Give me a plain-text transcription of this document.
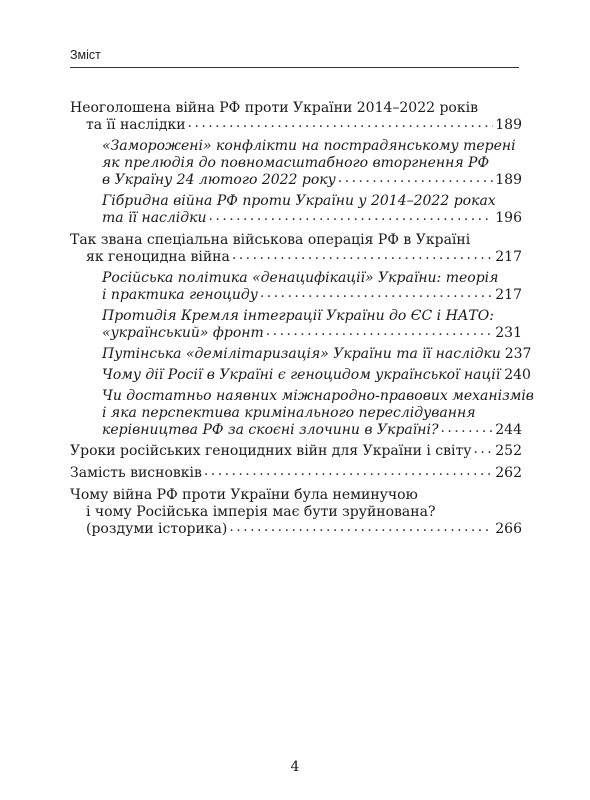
Зміст
Неоголошена війна РФ проти України 2014–2022 років
та її наслідки . . .	189
«Заморожені» конфлікти на пострадянському терені
як прелюдія до повномасштабного вторгнення РФ
в Україну 24 лютого 2022 року . . .	189
Гібридна війна РФ проти України у 2014–2022 роках
та її наслідки . . .	196
Так звана спеціальна військова операція РФ в Україні
як геноцидна війна . . .	217
Російська політика «денацифікації» України: теорія
і практика геноциду . . .	217
Протидія Кремля інтеграції України до ЄС і НАТО:
«український» фронт . . .	231
Путінська «демілітаризація» України та її наслідки 237
Чому дії Росії в Україні є геноцидом української нації 240
Чи достатньо наявних міжнародно-правових механізмів
і яка перспектива кримінального переслідування
керівництва РФ за скоєні злочини в Україні? . . .	244
Уроки російських геноцидних війн для України і світу . . . 252
Замість висновків . . .	262
Чому війна РФ проти України була неминучою
і чому Російська імперія має бути зруйнована?
(роздуми історика) . . .	266
4
